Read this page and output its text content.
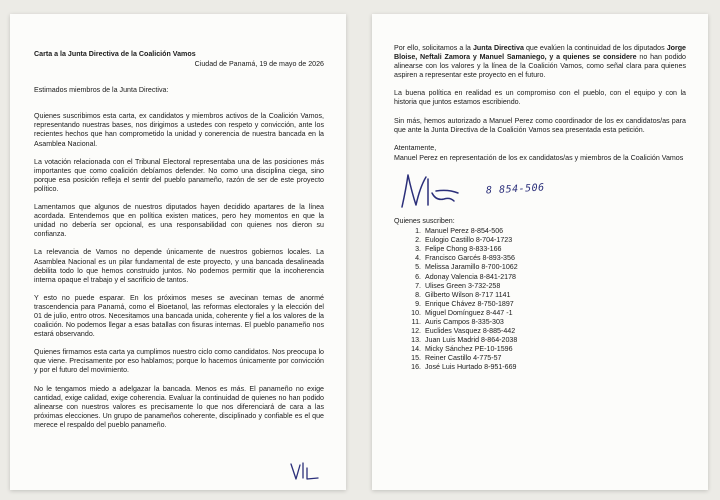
Carta a la Junta Directiva de la Coalición Vamos

Ciudad de Panamá, 19 de mayo de 2026

Estimados miembros de la Junta Directiva:

Quienes suscribimos esta carta, ex candidatos y miembros activos de la Coalición Vamos, representando nuestras bases, nos dirigimos a ustedes con respeto y convicción, ante los recientes hechos que han comprometido la unidad y conerencia de nuestra bancada en la Asamblea Nacional.

La votación relacionada con el Tribunal Electoral representaba una de las posiciones más importantes que como coalición debíamos defender. No como una disciplina ciega, sino porque esa posición refleja el sentir del pueblo panameño, razón de ser de este proyecto político.

Lamentamos que algunos de nuestros diputados hayen decidido apartares de la línea acordada. Entendemos que en política existen matices, pero hey momentos en que la unidad no debería ser opcional, es una responsabilidad con quienes nos dieron su confianza.

La relevancia de Vamos no depende únicamente de nuestros gobiernos locales. La Asamblea Nacional es un pilar fundamental de este proyecto, y una bancada desalineada debilita todo lo que hemos construido juntos. No podemos permitir que la incoherencia interna opaque el trabajo y el sacrificio de tantos.

Y esto no puede esparar. En los próximos meses se avecinan temas de anormé trascendencia para Panamá, como el Bioetanol, las reformas electorales y la elección del 01 de julio, entro otros. Necesitamos una bancada unida, coherente y fiel a los valores de la coalición. No podemos llegar a esas batallas con fisuras internas. El pueblo panameño nos estará observando.

Quienes firmamos esta carta ya cumplimos nuestro ciclo como candidatos. Nos preocupa lo que viene. Precisamente por eso hablamos; porque lo hacemos únicamente por convicción y por el futuro del movimiento.

No le tengamos miedo a adelgazar la bancada. Menos es más. El panameño no exige cantidad, exige calidad, exige coherencia. Evaluar la continuidad de quienes no han podido alinearse con nuestros valores es precisamente lo que nos diferenciará de cara a las próximas elecciones. Un grupo de panameños coherente, disciplinado y confiable es el que merece el respaldo del pueblo panameño.

Por ello, solicitamos a la Junta Directiva que evalúen la continuidad de los diputados Jorge Bloise, Neftali Zamora y Manuel Samaniego, y a quienes se considere no han podido alinearse con los valores y la línea de la Coalición Vamos, como señal clara para quienes aspiren a representar este proyecto en el futuro.

La buena política en realidad es un compromiso con el pueblo, con el equipo y con la historia que juntos estamos escribiendo.

Sin más, hemos autorizado a Manuel Perez como coordinador de los ex candidatos/as para que ante la Junta Directiva de la Coalición Vamos sea presentada esta petición.

Atentamente,

Manuel Perez en representación de los ex candidatos/as y miembros de la Coalición Vamos

8 854-506

Quienes suscriben:

1. Manuel Perez 8-854-506
2. Eulogio Castillo 8-704-1723
3. Felipe Chong 8-833-166
4. Francisco Garcés 8-893-356
5. Melissa Jaramillo 8-700-1062
6. Adonay Valencia 8-841-2178
7. Ulises Green 3-732-258
8. Gilberto Wilson 8-717 1141
9. Enrique Chávez 8-750-1897
10. Miguel Domínguez 8-447 -1
11. Auris Campos 8-335-303
12. Euclides Vasquez 8-885-442
13. Juan Luis Madrid 8-864-2038
14. Micky Sánchez PE-10-1596
15. Reiner Castillo 4-775-57
16. José Luis Hurtado 8-951-669
